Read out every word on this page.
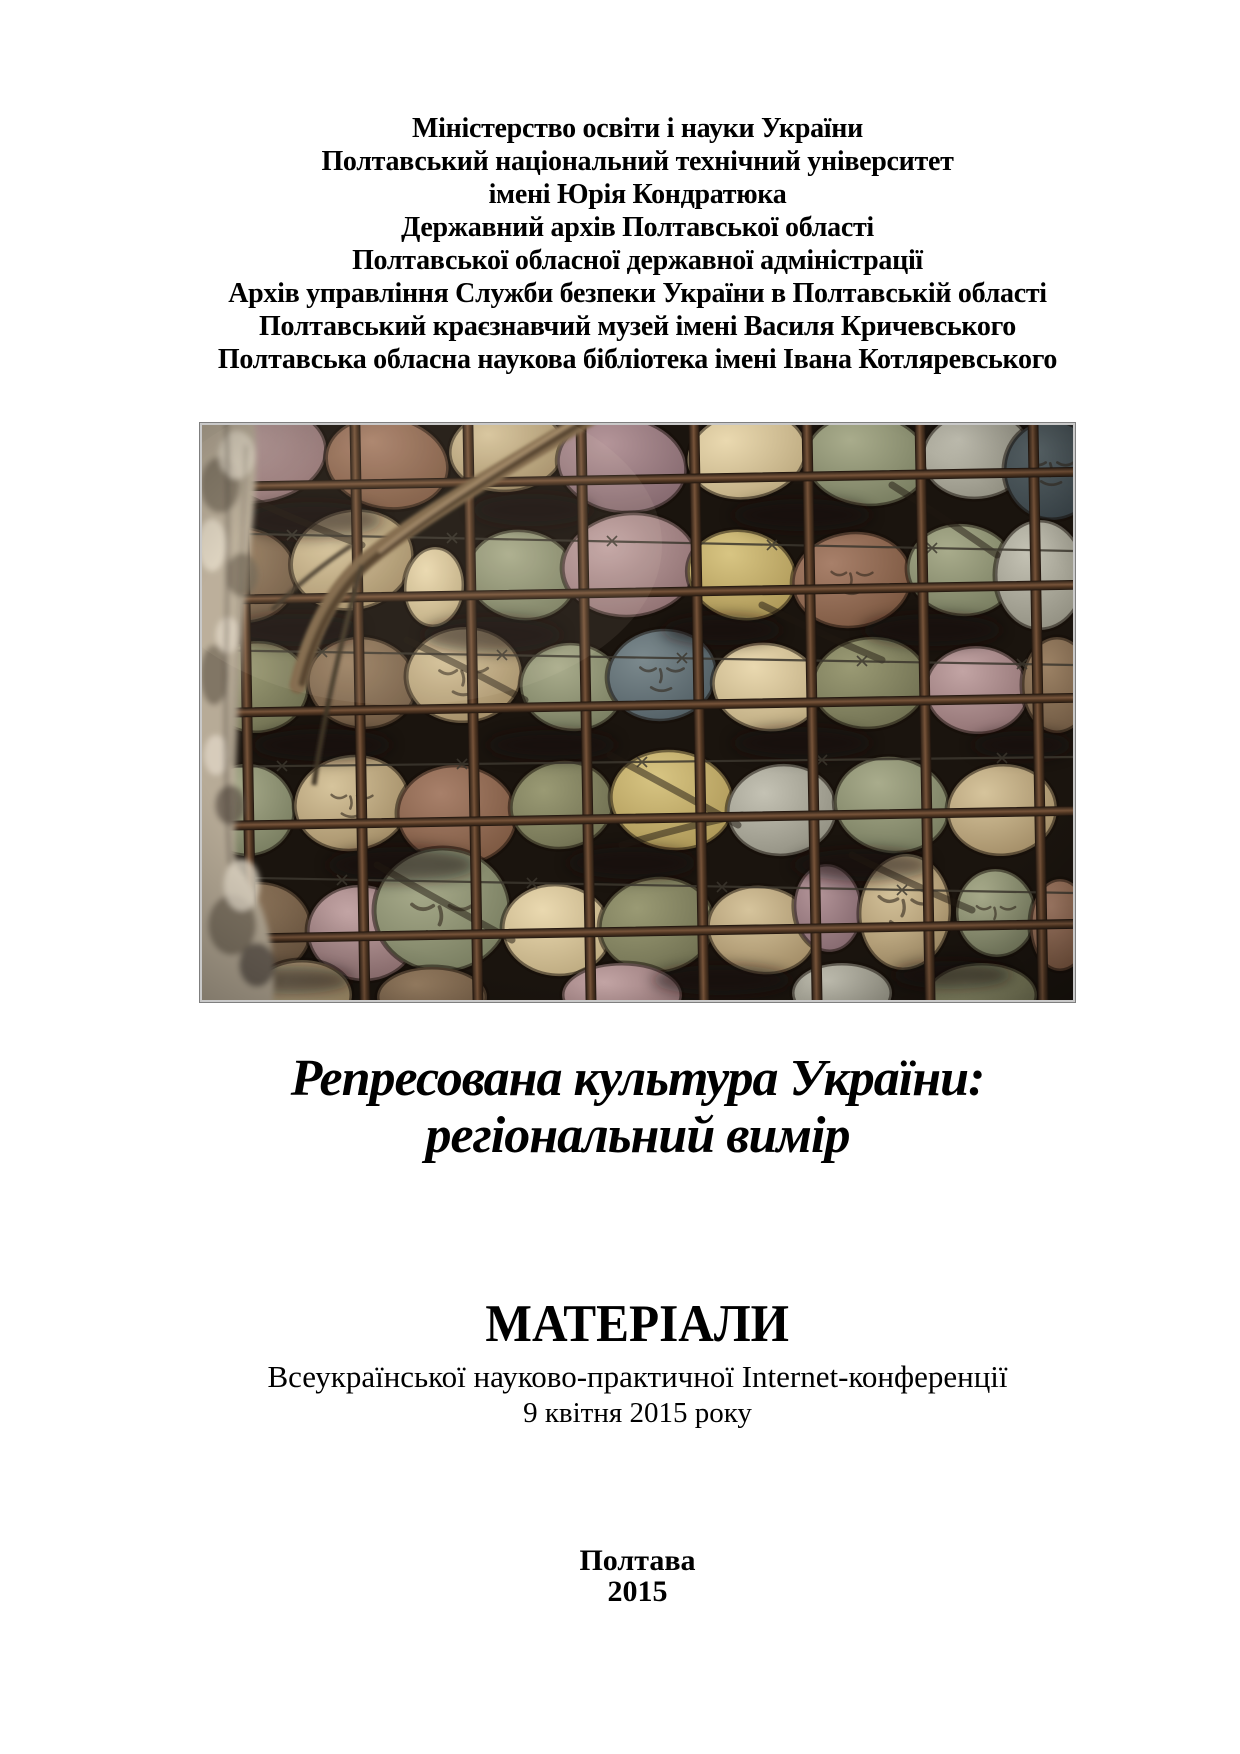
Міністерство освіти і науки України
Полтавський національний технічний університет
імені Юрія Кондратюка
Державний архів Полтавської області
Полтавської обласної державної адміністрації
Архів управління Служби безпеки України в Полтавській області
Полтавський краєзнавчий музей імені Василя Кричевського
Полтавська обласна наукова бібліотека імені Івана Котляревського
Репресована культура України:
регіональний вимір
МАТЕРІАЛИ
Всеукраїнської науково-практичної Internet-конференції
9 квітня 2015 року
Полтава
2015
